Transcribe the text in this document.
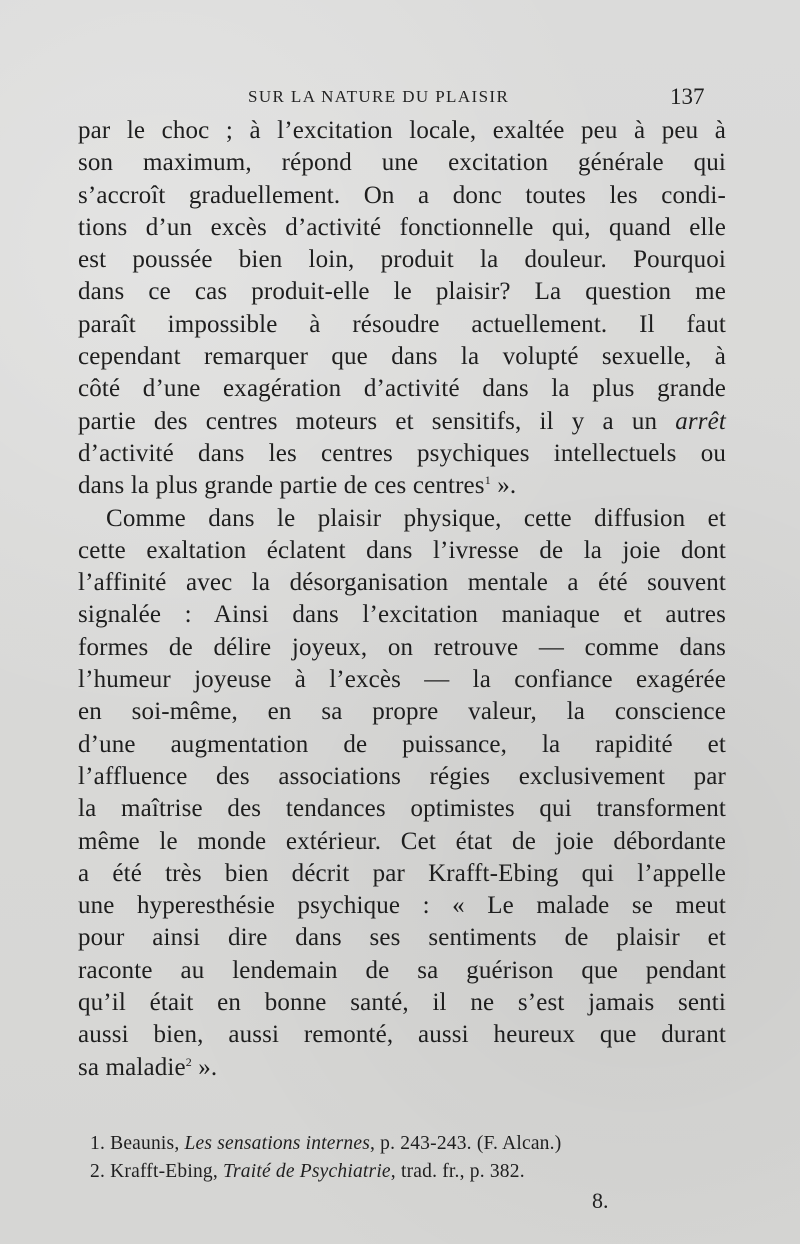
SUR LA NATURE DU PLAISIR	137
par le choc ; à l’excitation locale, exaltée peu à peu à
son maximum, répond une excitation générale qui
s’accroît graduellement. On a donc toutes les condi-
tions d’un excès d’activité fonctionnelle qui, quand elle
est poussée bien loin, produit la douleur. Pourquoi
dans ce cas produit-elle le plaisir? La question me
paraît impossible à résoudre actuellement. Il faut
cependant remarquer que dans la volupté sexuelle, à
côté d’une exagération d’activité dans la plus grande
partie des centres moteurs et sensitifs, il y a un arrêt
d’activité dans les centres psychiques intellectuels ou
dans la plus grande partie de ces centres$^1$ ».
Comme dans le plaisir physique, cette diffusion et
cette exaltation éclatent dans l’ivresse de la joie dont
l’affinité avec la désorganisation mentale a été souvent
signalée : Ainsi dans l’excitation maniaque et autres
formes de délire joyeux, on retrouve — comme dans
l’humeur joyeuse à l’excès — la confiance exagérée
en soi-même, en sa propre valeur, la conscience
d’une augmentation de puissance, la rapidité et
l’affluence des associations régies exclusivement par
la maîtrise des tendances optimistes qui transforment
même le monde extérieur. Cet état de joie débordante
a été très bien décrit par Krafft-Ebing qui l’appelle
une hyperesthésie psychique : « Le malade se meut
pour ainsi dire dans ses sentiments de plaisir et
raconte au lendemain de sa guérison que pendant
qu’il était en bonne santé, il ne s’est jamais senti
aussi bien, aussi remonté, aussi heureux que durant
sa maladie$^2$ ».
1. Beaunis, Les sensations internes, p. 243-243. (F. Alcan.)
2. Krafft-Ebing, Traité de Psychiatrie, trad. fr., p. 382.
8.
